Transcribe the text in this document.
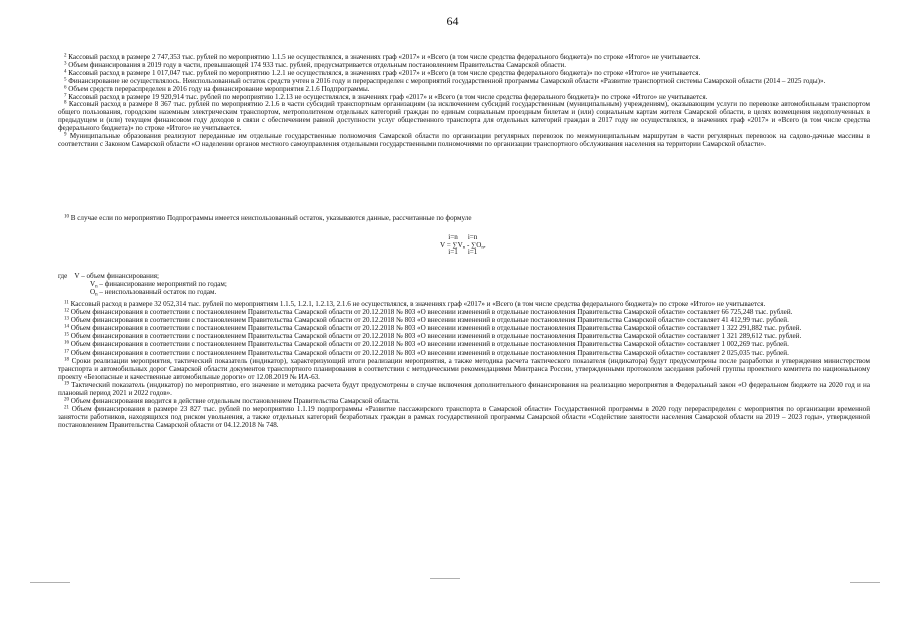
64

$^2$ Кассовый расход в размере 2 747,353 тыс. рублей по мероприятию 1.1.5 не осуществлялся, в значениях граф «2017» и «Всего (в том числе средства федерального бюджета)» по строке «Итого» не учитывается.

$^3$ Объем финансирования в 2019 году в части, превышающей 174 933 тыс. рублей, предусматривается отдельным постановлением Правительства Самарской области.

$^4$ Кассовый расход в размере 1 017,047 тыс. рублей по мероприятию 1.2.1 не осуществлялся, в значениях граф «2017» и «Всего (в том числе средства федерального бюджета)» по строке «Итого» не учитывается.

$^5$ Финансирование не осуществлялось. Неиспользованный остаток средств учтен в 2016 году и перераспределен с мероприятий государственной программы Самарской области «Развитие транспортной системы Самарской области (2014 – 2025 годы)».

$^6$ Объем средств перераспределен в 2016 году на финансирование мероприятия 2.1.6 Подпрограммы.

$^7$ Кассовый расход в размере 19 920,914 тыс. рублей по мероприятию 1.2.13 не осуществлялся, в значениях граф «2017» и «Всего (в том числе средства федерального бюджета)» по строке «Итого» не учитывается.

$^8$ Кассовый расход в размере 8 367 тыс. рублей по мероприятию 2.1.6 в части субсидий транспортным организациям (за исключением субсидий государственным (муниципальным) учреждениям), оказывающим услуги по перевозке автомобильным транспортом общего пользования, городским наземным электрическим транспортом, метрополитеном отдельных категорий граждан по единым социальным проездным билетам и (или) социальным картам жителя Самарской области, в целях возмещения недополученных в предыдущем и (или) текущем финансовом году доходов в связи с обеспечением равной доступности услуг общественного транспорта для отдельных категорий граждан в 2017 году не осуществлялся, в значениях граф «2017» и «Всего (в том числе средства федерального бюджета)» по строке «Итого» не учитывается.

$^9$ Муниципальные образования реализуют переданные им отдельные государственные полномочия Самарской области по организации регулярных перевозок по межмуниципальным маршрутам в части регулярных перевозок на садово-дачные массивы в соответствии с Законом Самарской области «О наделении органов местного самоуправления отдельными государственными полномочиями по организации транспортного обслуживания населения на территории Самарской области».

$^{10}$ В случае если по мероприятию Подпрограммы имеется неиспользованный остаток, указываются данные, рассчитанные по формуле

i=n i=n
$V = \sum V_n - \sum O_n$,
i=1 i=1

где V – объем финансирования;

$V_n$ – финансирование мероприятий по годам;

$O_n$ – неиспользованный остаток по годам.

$^{11}$ Кассовый расход в размере 32 052,314 тыс. рублей по мероприятиям 1.1.5, 1.2.1, 1.2.13, 2.1.6 не осуществлялся, в значениях граф «2017» и «Всего (в том числе средства федерального бюджета)» по строке «Итого» не учитывается.

$^{12}$ Объем финансирования в соответствии с постановлением Правительства Самарской области от 20.12.2018 № 803 «О внесении изменений в отдельные постановления Правительства Самарской области» составляет 66 725,248 тыс. рублей.

$^{13}$ Объем финансирования в соответствии с постановлением Правительства Самарской области от 20.12.2018 № 803 «О внесении изменений в отдельные постановления Правительства Самарской области» составляет 41 412,99 тыс. рублей.

$^{14}$ Объем финансирования в соответствии с постановлением Правительства Самарской области от 20.12.2018 № 803 «О внесении изменений в отдельные постановления Правительства Самарской области» составляет 1 322 291,882 тыс. рублей.

$^{15}$ Объем финансирования в соответствии с постановлением Правительства Самарской области от 20.12.2018 № 803 «О внесении изменений в отдельные постановления Правительства Самарской области» составляет 1 321 289,612 тыс. рублей.

$^{16}$ Объем финансирования в соответствии с постановлением Правительства Самарской области от 20.12.2018 № 803 «О внесении изменений в отдельные постановления Правительства Самарской области» составляет 1 002,269 тыс. рублей.

$^{17}$ Объем финансирования в соответствии с постановлением Правительства Самарской области от 20.12.2018 № 803 «О внесении изменений в отдельные постановления Правительства Самарской области» составляет 2 025,035 тыс. рублей.

$^{18}$ Сроки реализации мероприятия, тактический показатель (индикатор), характеризующий итоги реализации мероприятия, а также методика расчета тактического показателя (индикатора) будут предусмотрены после разработки и утверждения министерством транспорта и автомобильных дорог Самарской области документов транспортного планирования в соответствии с методическими рекомендациями Минтранса России, утвержденными протоколом заседания рабочей группы проектного комитета по национальному проекту «Безопасные и качественные автомобильные дороги» от 12.08.2019 № ИА-63.

$^{19}$ Тактический показатель (индикатор) по мероприятию, его значение и методика расчета будут предусмотрены в случае включения дополнительного финансирования на реализацию мероприятия в Федеральный закон «О федеральном бюджете на 2020 год и на плановый период 2021 и 2022 годов».

$^{20}$ Объем финансирования вводится в действие отдельным постановлением Правительства Самарской области.

$^{21}$ Объем финансирования в размере 23 827 тыс. рублей по мероприятию 1.1.19 подпрограммы «Развитие пассажирского транспорта в Самарской области» Государственной программы в 2020 году перераспределен с мероприятия по организации временной занятости работников, находящихся под риском увольнения, а также отдельных категорий безработных граждан в рамках государственной программы Самарской области «Содействие занятости населения Самарской области на 2019 – 2023 годы», утвержденной постановлением Правительства Самарской области от 04.12.2018 № 748.
